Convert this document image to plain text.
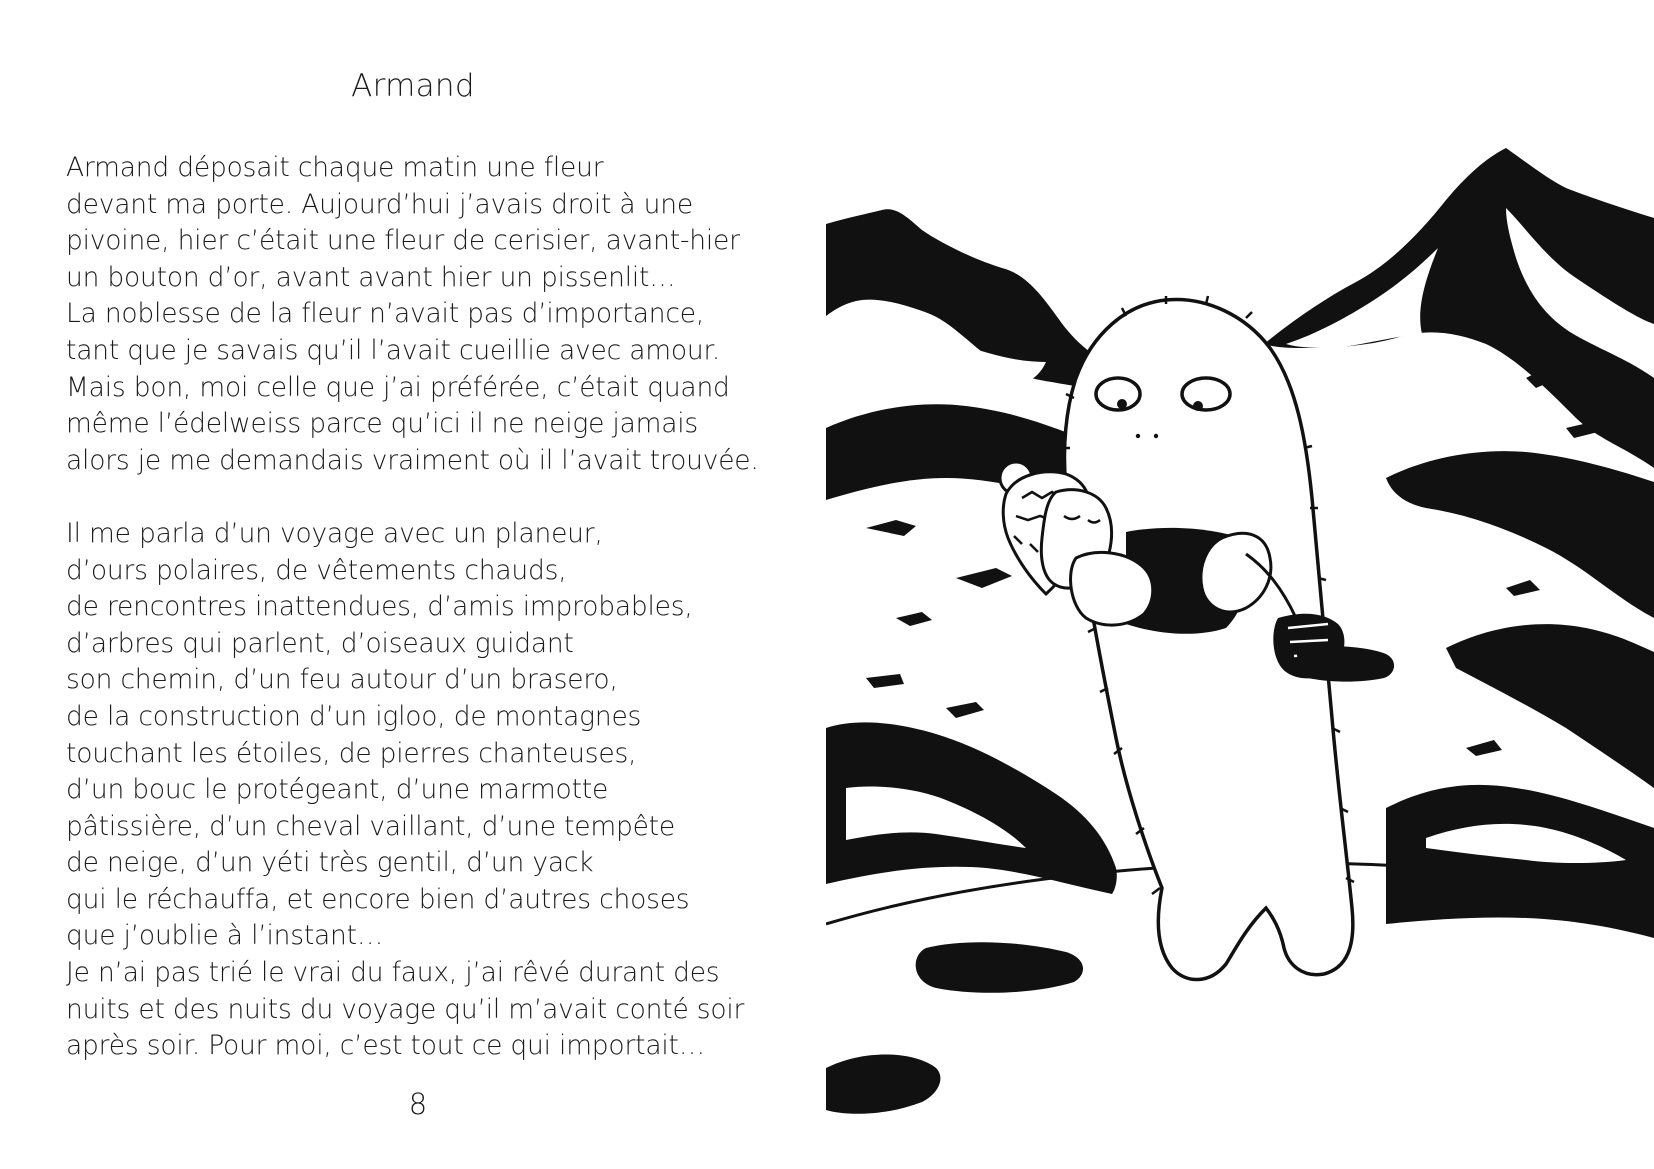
Armand
Armand déposait chaque matin une fleur
devant ma porte. Aujourd’hui j’avais droit à une
pivoine, hier c’était une fleur de cerisier, avant-hier
un bouton d’or, avant avant hier un pissenlit…
La noblesse de la fleur n’avait pas d’importance,
tant que je savais qu’il l’avait cueillie avec amour.
Mais bon, moi celle que j’ai préférée, c’était quand
même l’édelweiss parce qu’ici il ne neige jamais
alors je me demandais vraiment où il l’avait trouvée.
Il me parla d’un voyage avec un planeur,
d’ours polaires, de vêtements chauds,
de rencontres inattendues, d’amis improbables,
d’arbres qui parlent, d’oiseaux guidant
son chemin, d’un feu autour d’un brasero,
de la construction d’un igloo, de montagnes
touchant les étoiles, de pierres chanteuses,
d’un bouc le protégeant, d’une marmotte
pâtissière, d’un cheval vaillant, d’une tempête
de neige, d’un yéti très gentil, d’un yack
qui le réchauffa, et encore bien d’autres choses
que j’oublie à l’instant…
Je n’ai pas trié le vrai du faux, j’ai rêvé durant des
nuits et des nuits du voyage qu’il m’avait conté soir
après soir. Pour moi, c’est tout ce qui importait…
8
Xan
